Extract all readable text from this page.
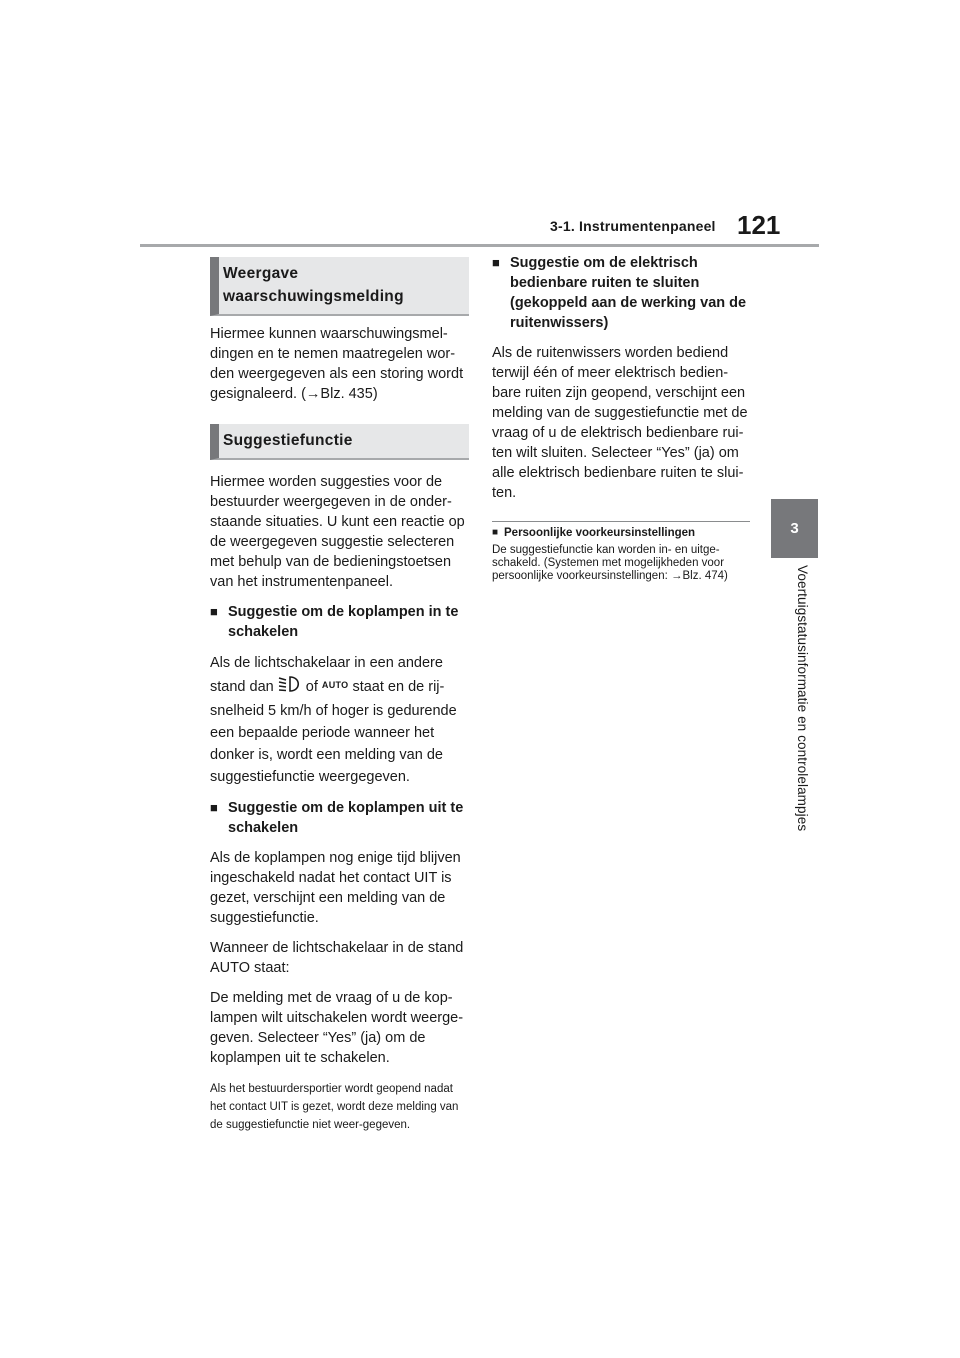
3-1. Instrumentenpaneel 121
3
Voertuigstatusinformatie en controlelampjes
Weergave waarschuwingsmelding
Hiermee kunnen waarschuwingsmel-dingen en te nemen maatregelen wor-den weergegeven als een storing wordt gesignaleerd. (→Blz. 435)
Suggestiefunctie
Hiermee worden suggesties voor de bestuurder weergegeven in de onder-staande situaties. U kunt een reactie op de weergegeven suggestie selecteren met behulp van de bedieningstoetsen van het instrumentenpaneel.
■ Suggestie om de koplampen in te schakelen
Als de lichtschakelaar in een andere stand dan of AUTO staat en de rij-snelheid 5 km/h of hoger is gedurende een bepaalde periode wanneer het donker is, wordt een melding van de suggestiefunctie weergegeven.
■ Suggestie om de koplampen uit te schakelen
Als de koplampen nog enige tijd blijven ingeschakeld nadat het contact UIT is gezet, verschijnt een melding van de suggestiefunctie.
Wanneer de lichtschakelaar in de stand AUTO staat:
De melding met de vraag of u de kop-lampen wilt uitschakelen wordt weerge-geven. Selecteer “Yes” (ja) om de koplampen uit te schakelen.
Als het bestuurdersportier wordt geopend nadat het contact UIT is gezet, wordt deze melding van de suggestiefunctie niet weer-gegeven.
■ Suggestie om de elektrisch bedienbare ruiten te sluiten (gekoppeld aan de werking van de ruitenwissers)
Als de ruitenwissers worden bediend terwijl één of meer elektrisch bedien-bare ruiten zijn geopend, verschijnt een melding van de suggestiefunctie met de vraag of u de elektrisch bedienbare rui-ten wilt sluiten. Selecteer “Yes” (ja) om alle elektrisch bedienbare ruiten te slui-ten.
■ Persoonlijke voorkeursinstellingen
De suggestiefunctie kan worden in- en uitge-schakeld. (Systemen met mogelijkheden voor persoonlijke voorkeursinstellingen: →Blz. 474)
